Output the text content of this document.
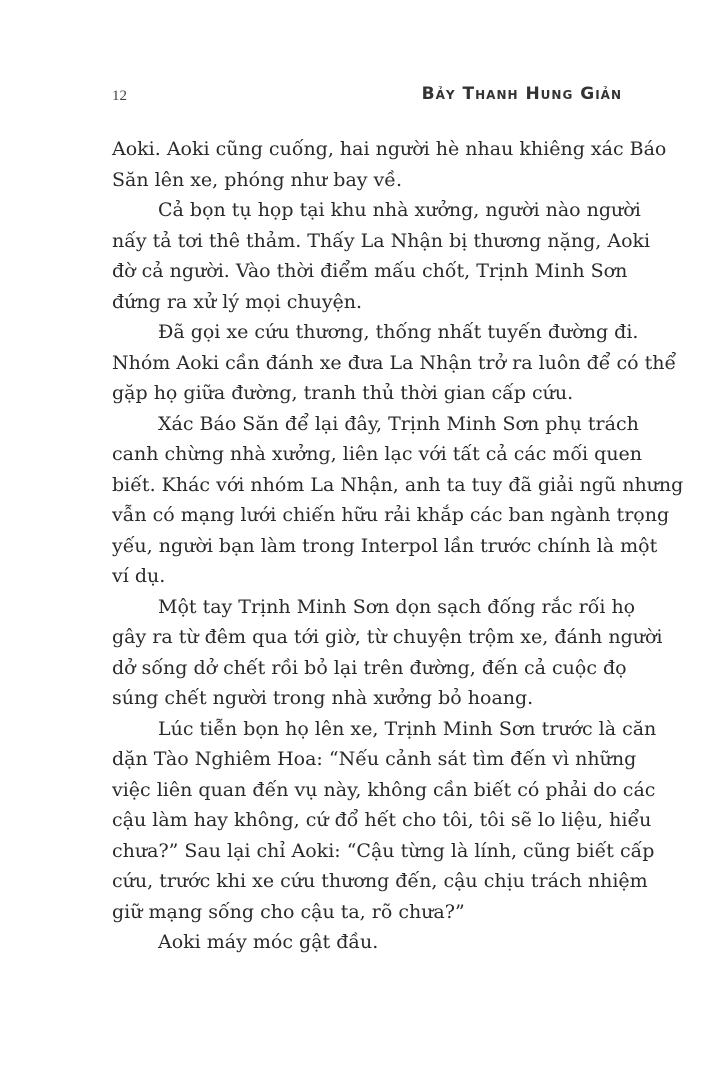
12	Bảy Thanh Hung Giản
Aoki. Aoki cũng cuống, hai người hè nhau khiêng xác Báo
Săn lên xe, phóng như bay về.
Cả bọn tụ họp tại khu nhà xưởng, người nào người
nấy tả tơi thê thảm. Thấy La Nhận bị thương nặng, Aoki
đờ cả người. Vào thời điểm mấu chốt, Trịnh Minh Sơn
đứng ra xử lý mọi chuyện.
Đã gọi xe cứu thương, thống nhất tuyến đường đi.
Nhóm Aoki cần đánh xe đưa La Nhận trở ra luôn để có thể
gặp họ giữa đường, tranh thủ thời gian cấp cứu.
Xác Báo Săn để lại đây, Trịnh Minh Sơn phụ trách
canh chừng nhà xưởng, liên lạc với tất cả các mối quen
biết. Khác với nhóm La Nhận, anh ta tuy đã giải ngũ nhưng
vẫn có mạng lưới chiến hữu rải khắp các ban ngành trọng
yếu, người bạn làm trong Interpol lần trước chính là một
ví dụ.
Một tay Trịnh Minh Sơn dọn sạch đống rắc rối họ
gây ra từ đêm qua tới giờ, từ chuyện trộm xe, đánh người
dở sống dở chết rồi bỏ lại trên đường, đến cả cuộc đọ
súng chết người trong nhà xưởng bỏ hoang.
Lúc tiễn bọn họ lên xe, Trịnh Minh Sơn trước là căn
dặn Tào Nghiêm Hoa: “Nếu cảnh sát tìm đến vì những
việc liên quan đến vụ này, không cần biết có phải do các
cậu làm hay không, cứ đổ hết cho tôi, tôi sẽ lo liệu, hiểu
chưa?” Sau lại chỉ Aoki: “Cậu từng là lính, cũng biết cấp
cứu, trước khi xe cứu thương đến, cậu chịu trách nhiệm
giữ mạng sống cho cậu ta, rõ chưa?”
Aoki máy móc gật đầu.
